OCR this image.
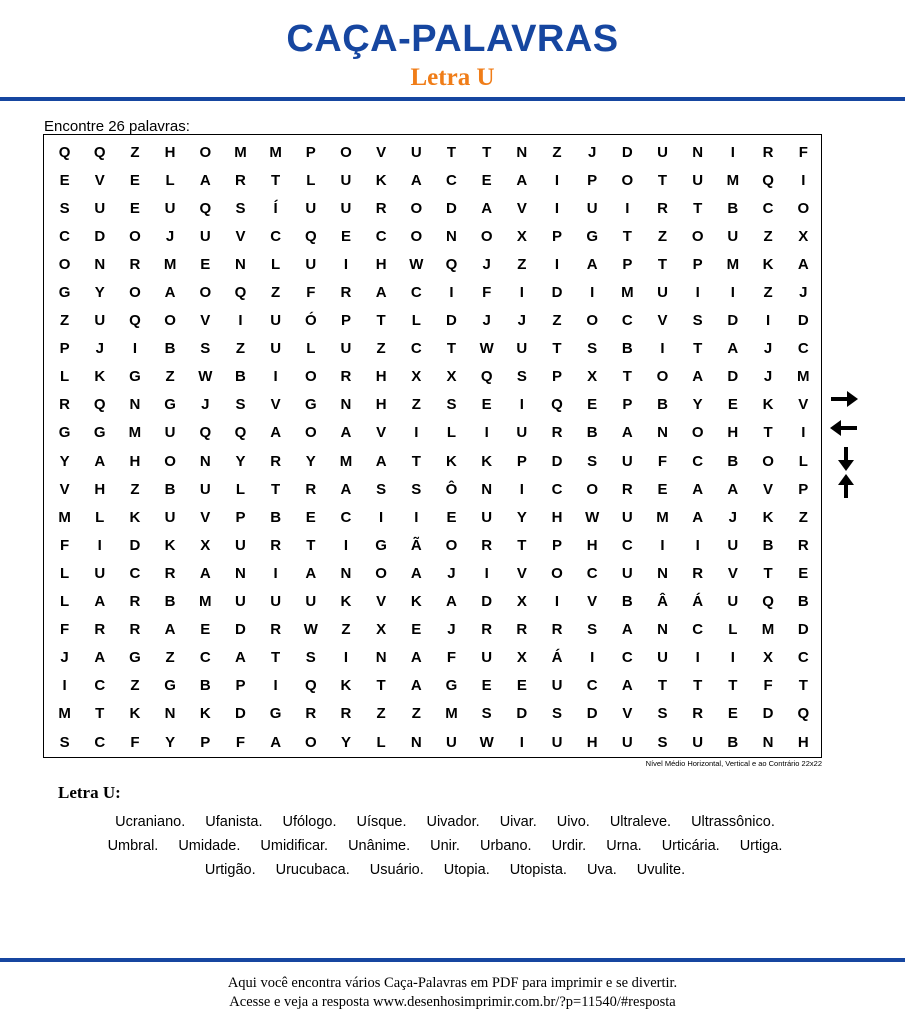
CAÇA-PALAVRAS
Letra U
Encontre 26 palavras:
Q	Q	Z	H	O	M	M	P	O	V	U	T	T	N	Z	J	D	U	N	I	R	F
E	V	E	L	A	R	T	L	U	K	A	C	E	A	I	P	O	T	U	M	Q	I
S	U	E	U	Q	S	Í	U	U	R	O	D	A	V	I	U	I	R	T	B	C	O
C	D	O	J	U	V	C	Q	E	C	O	N	O	X	P	G	T	Z	O	U	Z	X
O	N	R	M	E	N	L	U	I	H	W	Q	J	Z	I	A	P	T	P	M	K	A
G	Y	O	A	O	Q	Z	F	R	A	C	I	F	I	D	I	M	U	I	I	Z	J
Z	U	Q	O	V	I	U	Ó	P	T	L	D	J	J	Z	O	C	V	S	D	I	D
P	J	I	B	S	Z	U	L	U	Z	C	T	W	U	T	S	B	I	T	A	J	C
L	K	G	Z	W	B	I	O	R	H	X	X	Q	S	P	X	T	O	A	D	J	M
R	Q	N	G	J	S	V	G	N	H	Z	S	E	I	Q	E	P	B	Y	E	K	V
G	G	M	U	Q	Q	A	O	A	V	I	L	I	U	R	B	A	N	O	H	T	I
Y	A	H	O	N	Y	R	Y	M	A	T	K	K	P	D	S	U	F	C	B	O	L
V	H	Z	B	U	L	T	R	A	S	S	Ô	N	I	C	O	R	E	A	A	V	P
M	L	K	U	V	P	B	E	C	I	I	E	U	Y	H	W	U	M	A	J	K	Z
F	I	D	K	X	U	R	T	I	G	Ã	O	R	T	P	H	C	I	I	U	B	R
L	U	C	R	A	N	I	A	N	O	A	J	I	V	O	C	U	N	R	V	T	E
L	A	R	B	M	U	U	U	K	V	K	A	D	X	I	V	B	Â	Á	U	Q	B
F	R	R	A	E	D	R	W	Z	X	E	J	R	R	R	S	A	N	C	L	M	D
J	A	G	Z	C	A	T	S	I	N	A	F	U	X	Á	I	C	U	I	I	X	C
I	C	Z	G	B	P	I	Q	K	T	A	G	E	E	U	C	A	T	T	T	F	T
M	T	K	N	K	D	G	R	R	Z	Z	M	S	D	S	D	V	S	R	E	D	Q
S	C	F	Y	P	F	A	O	Y	L	N	U	W	I	U	H	U	S	U	B	N	H
Nível Médio Horizontal, Vertical e ao Contrário 22x22
Letra U:
Ucraniano. Ufanista. Ufólogo. Uísque. Uivador. Uivar. Uivo. Ultraleve. Ultrassônico.
Umbral. Umidade. Umidificar. Unânime. Unir. Urbano. Urdir. Urna. Urticária. Urtiga.
Urtigão. Urucubaca. Usuário. Utopia. Utopista. Uva. Uvulite.
Aqui você encontra vários Caça-Palavras em PDF para imprimir e se divertir.
Acesse e veja a resposta www.desenhosimprimir.com.br/?p=11540/#resposta
